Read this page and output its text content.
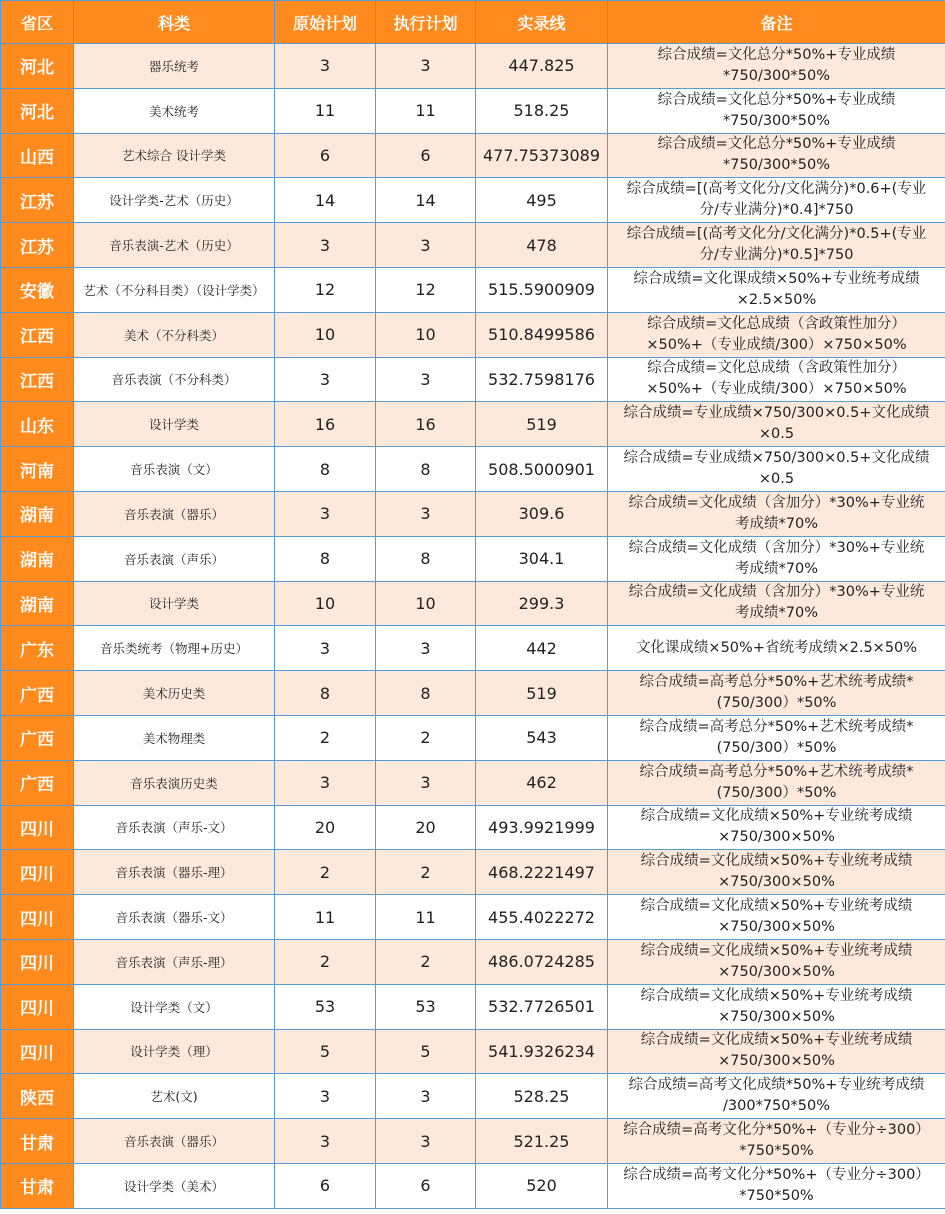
省区	科类	原始计划	执行计划	实录线	备注
河北	器乐统考	3	3	447.825	综合成绩=文化总分*50%+专业成绩
*750/300*50%
河北	美术统考	11	11	518.25	综合成绩=文化总分*50%+专业成绩
*750/300*50%
山西	艺术综合 设计学类	6	6	477.75373089	综合成绩=文化总分*50%+专业成绩
*750/300*50%
江苏	设计学类-艺术（历史）	14	14	495	综合成绩=[(高考文化分/文化满分)*0.6+(专业
分/专业满分)*0.4]*750
江苏	音乐表演-艺术（历史）	3	3	478	综合成绩=[(高考文化分/文化满分)*0.5+(专业
分/专业满分)*0.5]*750
安徽	艺术（不分科目类）（设计学类）	12	12	515.5900909	综合成绩=文化课成绩×50%+专业统考成绩
×2.5×50%
江西	美术（不分科类）	10	10	510.8499586	综合成绩=文化总成绩（含政策性加分）
×50%+（专业成绩/300）×750×50%
江西	音乐表演（不分科类）	3	3	532.7598176	综合成绩=文化总成绩（含政策性加分）
×50%+（专业成绩/300）×750×50%
山东	设计学类	16	16	519	综合成绩=专业成绩×750/300×0.5+文化成绩
×0.5
河南	音乐表演（文）	8	8	508.5000901	综合成绩=专业成绩×750/300×0.5+文化成绩
×0.5
湖南	音乐表演（器乐）	3	3	309.6	综合成绩=文化成绩（含加分）*30%+专业统
考成绩*70%
湖南	音乐表演（声乐）	8	8	304.1	综合成绩=文化成绩（含加分）*30%+专业统
考成绩*70%
湖南	设计学类	10	10	299.3	综合成绩=文化成绩（含加分）*30%+专业统
考成绩*70%
广东	音乐类统考（物理+历史）	3	3	442	文化课成绩×50%+省统考成绩×2.5×50%
广西	美术历史类	8	8	519	综合成绩=高考总分*50%+艺术统考成绩*
(750/300）*50%
广西	美术物理类	2	2	543	综合成绩=高考总分*50%+艺术统考成绩*
(750/300）*50%
广西	音乐表演历史类	3	3	462	综合成绩=高考总分*50%+艺术统考成绩*
(750/300）*50%
四川	音乐表演（声乐-文）	20	20	493.9921999	综合成绩=文化成绩×50%+专业统考成绩
×750/300×50%
四川	音乐表演（器乐-理）	2	2	468.2221497	综合成绩=文化成绩×50%+专业统考成绩
×750/300×50%
四川	音乐表演（器乐-文）	11	11	455.4022272	综合成绩=文化成绩×50%+专业统考成绩
×750/300×50%
四川	音乐表演（声乐-理）	2	2	486.0724285	综合成绩=文化成绩×50%+专业统考成绩
×750/300×50%
四川	设计学类（文）	53	53	532.7726501	综合成绩=文化成绩×50%+专业统考成绩
×750/300×50%
四川	设计学类（理）	5	5	541.9326234	综合成绩=文化成绩×50%+专业统考成绩
×750/300×50%
陕西	艺术(文)	3	3	528.25	综合成绩=高考文化成绩*50%+专业统考成绩
/300*750*50%
甘肃	音乐表演（器乐）	3	3	521.25	综合成绩=高考文化分*50%+（专业分÷300）
*750*50%
甘肃	设计学类（美术）	6	6	520	综合成绩=高考文化分*50%+（专业分÷300）
*750*50%
